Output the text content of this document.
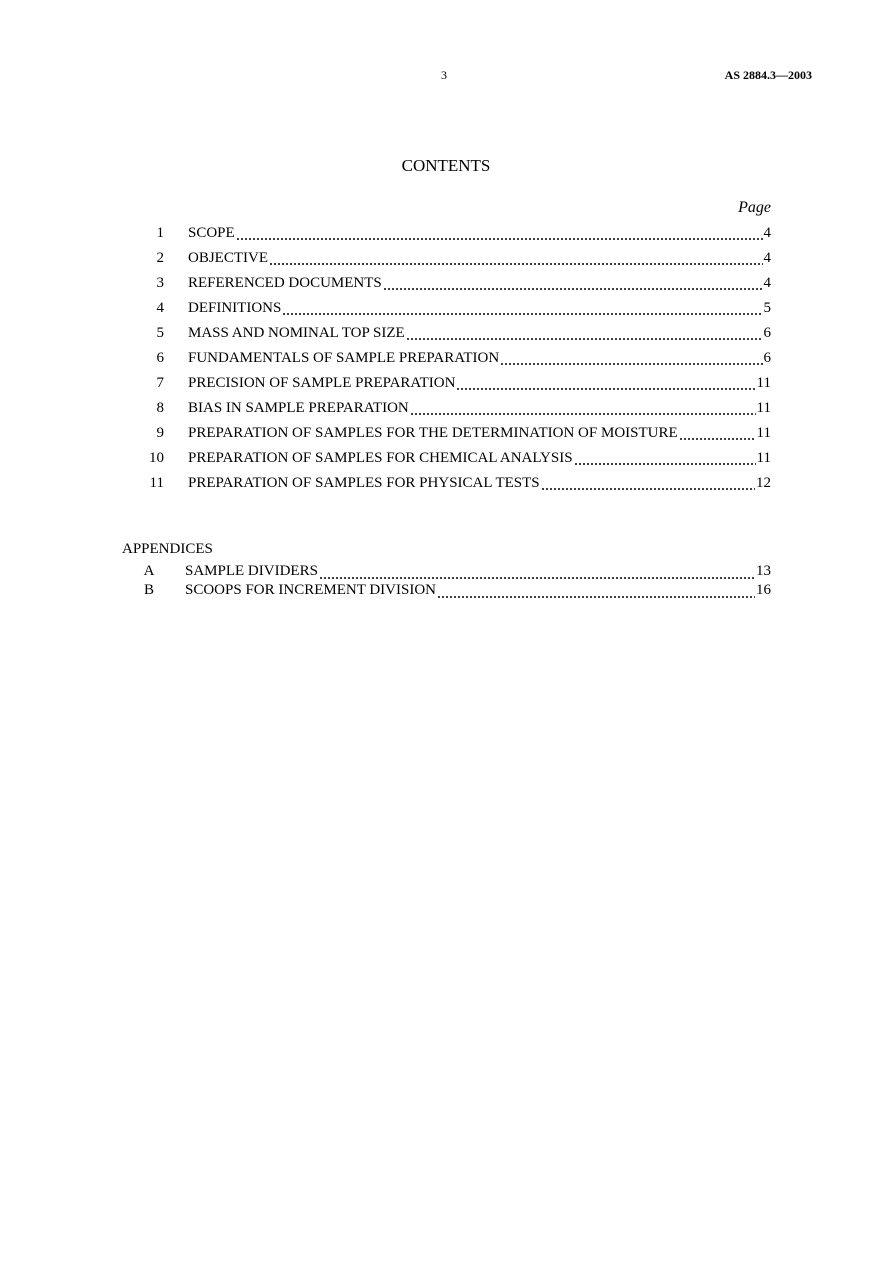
3	AS 2884.3—2003
CONTENTS
Page
1 SCOPE	4
2 OBJECTIVE	4
3 REFERENCED DOCUMENTS	4
4 DEFINITIONS	5
5 MASS AND NOMINAL TOP SIZE	6
6 FUNDAMENTALS OF SAMPLE PREPARATION	6
7 PRECISION OF SAMPLE PREPARATION	11
8 BIAS IN SAMPLE PREPARATION	11
9 PREPARATION OF SAMPLES FOR THE DETERMINATION OF MOISTURE	11
10 PREPARATION OF SAMPLES FOR CHEMICAL ANALYSIS	11
11 PREPARATION OF SAMPLES FOR PHYSICAL TESTS	12
APPENDICES
A SAMPLE DIVIDERS	13
B SCOOPS FOR INCREMENT DIVISION	16
